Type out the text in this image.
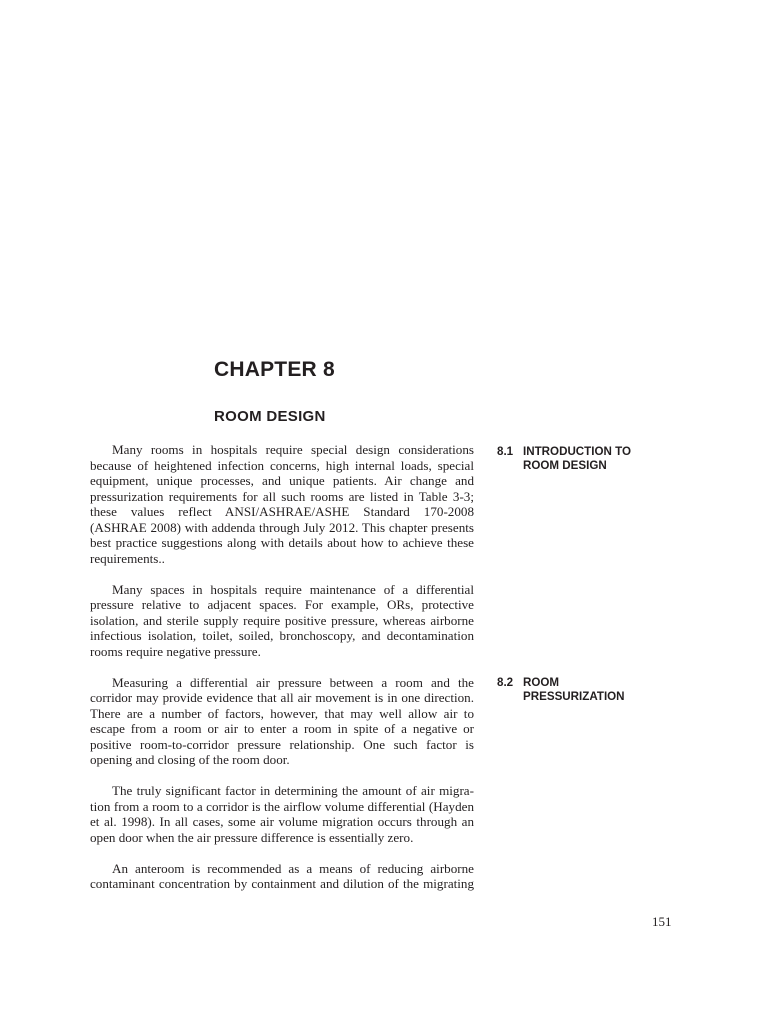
CHAPTER 8
ROOM DESIGN

Many rooms in hospitals require special design considerations because of heightened infection concerns, high internal loads, special equipment, unique processes, and unique patients. Air change and pressurization requirements for all such rooms are listed in Table 3-3; these values reflect ANSI/ASHRAE/ASHE Standard 170-2008 (ASHRAE 2008) with addenda through July 2012. This chapter presents best practice suggestions along with details about how to achieve these requirements..

Many spaces in hospitals require maintenance of a differential pressure relative to adjacent spaces. For example, ORs, protective isolation, and sterile supply require positive pressure, whereas airborne infectious isolation, toilet, soiled, bronchoscopy, and decontamination rooms require negative pressure.

Measuring a differential air pressure between a room and the corridor may provide evidence that all air movement is in one direction. There are a number of factors, however, that may well allow air to escape from a room or air to enter a room in spite of a negative or positive room-to-corridor pressure relationship. One such factor is opening and closing of the room door.

The truly significant factor in determining the amount of air migration from a room to a corridor is the airflow volume differential (Hayden et al. 1998). In all cases, some air volume migration occurs through an open door when the air pressure difference is essentially zero.

An anteroom is recommended as a means of reducing airborne contaminant concentration by containment and dilution of the migrating

8.1 INTRODUCTION TO
ROOM DESIGN
8.2 ROOM
PRESSURIZATION
151
